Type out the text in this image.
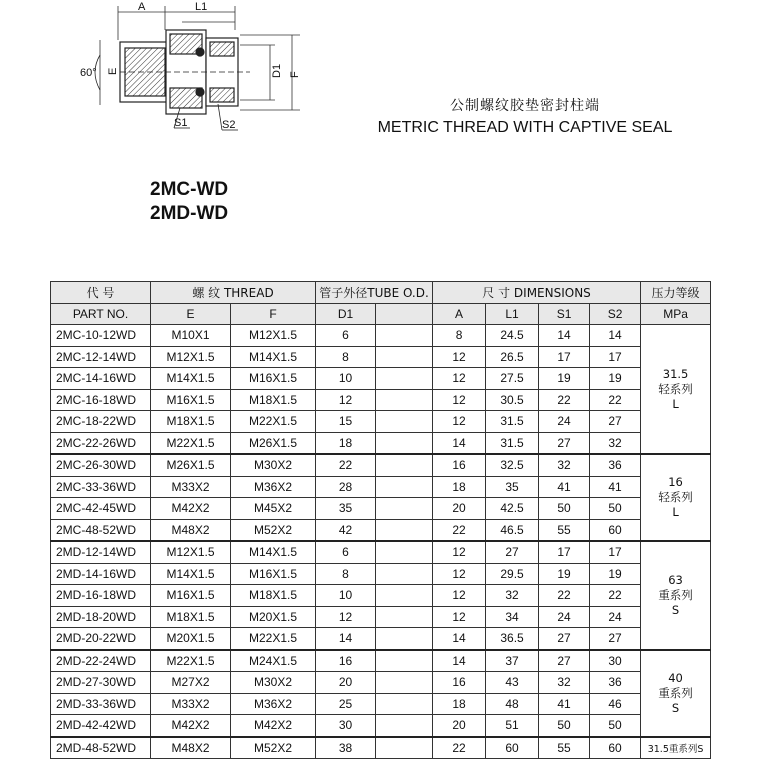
A	L1
E	D1 F
60°
S1	S2
公制螺纹胶垫密封柱端
METRIC THREAD WITH CAPTIVE SEAL
2MC-WD
2MD-WD
代 号	螺 纹 THREAD		管子外径TUBE O.D.		尺 寸 DIMENSIONS				压力等级
PART NO.	E	F	D1		A	L1	S1	S2	MPa
2MC-10-12WD	M10X1	M12X1.5	6		8	24.5	14	14	31.5
轻系列
L

2MC-12-14WD	M12X1.5	M14X1.5	8		12	26.5	17	17	
2MC-14-16WD	M14X1.5	M16X1.5	10		12	27.5	19	19	
2MC-16-18WD	M16X1.5	M18X1.5	12		12	30.5	22	22	
2MC-18-22WD	M18X1.5	M22X1.5	15		12	31.5	24	27	
2MC-22-26WD	M22X1.5	M26X1.5	18		14	31.5	27	32	
2MC-26-30WD	M26X1.5	M30X2	22		16	32.5	32	36	16
轻系列
L

2MC-33-36WD	M33X2	M36X2	28		18	35	41	41	
2MC-42-45WD	M42X2	M45X2	35		20	42.5	50	50	
2MC-48-52WD	M48X2	M52X2	42		22	46.5	55	60	
2MD-12-14WD	M12X1.5	M14X1.5	6		12	27	17	17	63
重系列
S

2MD-14-16WD	M14X1.5	M16X1.5	8		12	29.5	19	19	
2MD-16-18WD	M16X1.5	M18X1.5	10		12	32	22	22	
2MD-18-20WD	M18X1.5	M20X1.5	12		12	34	24	24	
2MD-20-22WD	M20X1.5	M22X1.5	14		14	36.5	27	27	
2MD-22-24WD	M22X1.5	M24X1.5	16		14	37	27	30	40
重系列
S

2MD-27-30WD	M27X2	M30X2	20		16	43	32	36	
2MD-33-36WD	M33X2	M36X2	25		18	48	41	46	
2MD-42-42WD	M42X2	M42X2	30		20	51	50	50	
2MD-48-52WD	M48X2	M52X2	38		22	60	55	60	31.5重系列S
